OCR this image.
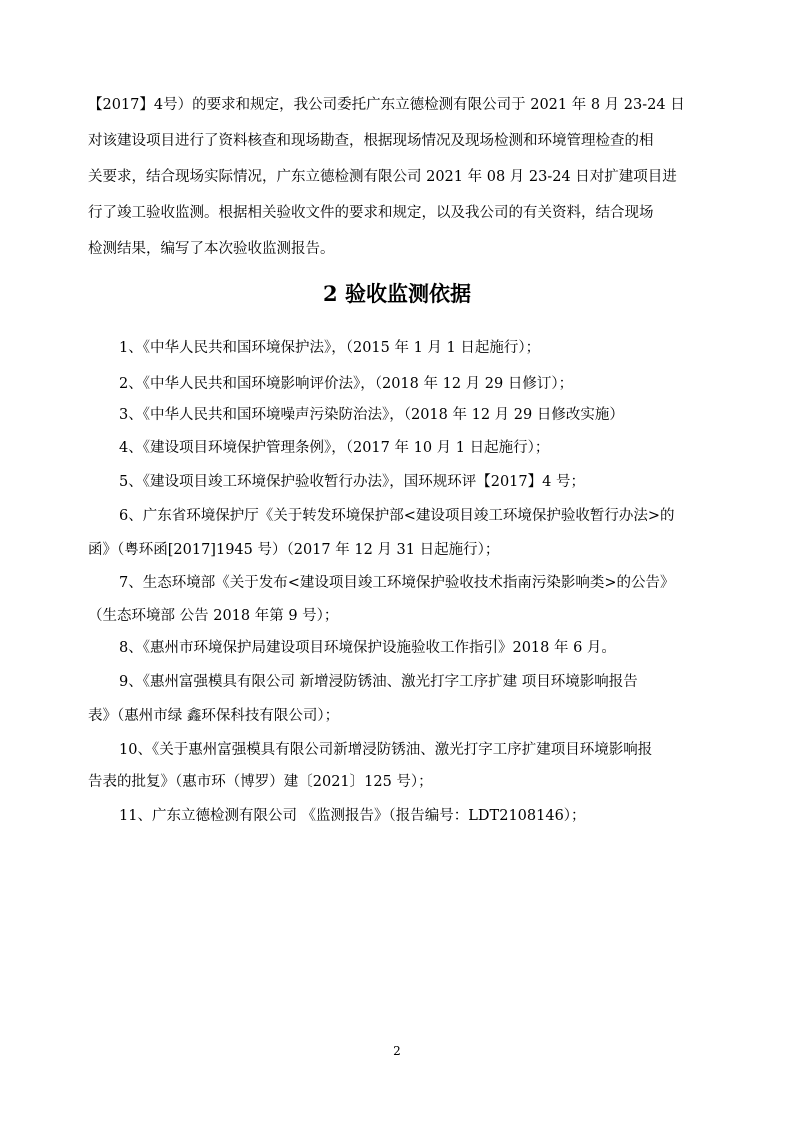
【2017】4号）的要求和规定，我公司委托广东立德检测有限公司于 2021 年 8 月 23-24 日
对该建设项目进行了资料核查和现场勘查，根据现场情况及现场检测和环境管理检查的相
关要求，结合现场实际情况，广东立德检测有限公司 2021 年 08 月 23-24 日对扩建项目进
行了竣工验收监测。根据相关验收文件的要求和规定，以及我公司的有关资料，结合现场
检测结果，编写了本次验收监测报告。
2 验收监测依据
1、《中华人民共和国环境保护法》，（2015 年 1 月 1 日起施行）；
2、《中华人民共和国环境影响评价法》，（2018 年 12 月 29 日修订）；
3、《中华人民共和国环境噪声污染防治法》，（2018 年 12 月 29 日修改实施）
4、《建设项目环境保护管理条例》，（2017 年 10 月 1 日起施行）；
5、《建设项目竣工环境保护验收暂行办法》，国环规环评【2017】4 号；
6、广东省环境保护厅《关于转发环境保护部<建设项目竣工环境保护验收暂行办法>的
函》（粤环函[2017]1945 号）（2017 年 12 月 31 日起施行）；
7、生态环境部《关于发布<建设项目竣工环境保护验收技术指南污染影响类>的公告》
（生态环境部 公告 2018 年第 9 号）；
8、《惠州市环境保护局建设项目环境保护设施验收工作指引》2018 年 6 月。
9、《惠州富强模具有限公司 新增浸防锈油、激光打字工序扩建 项目环境影响报告
表》（惠州市绿 鑫环保科技有限公司）；
10、《关于惠州富强模具有限公司新增浸防锈油、激光打字工序扩建项目环境影响报
告表的批复》（惠市环（博罗）建〔2021〕125 号）；
11、广东立德检测有限公司 《监测报告》（报告编号：LDT2108146）；
2
